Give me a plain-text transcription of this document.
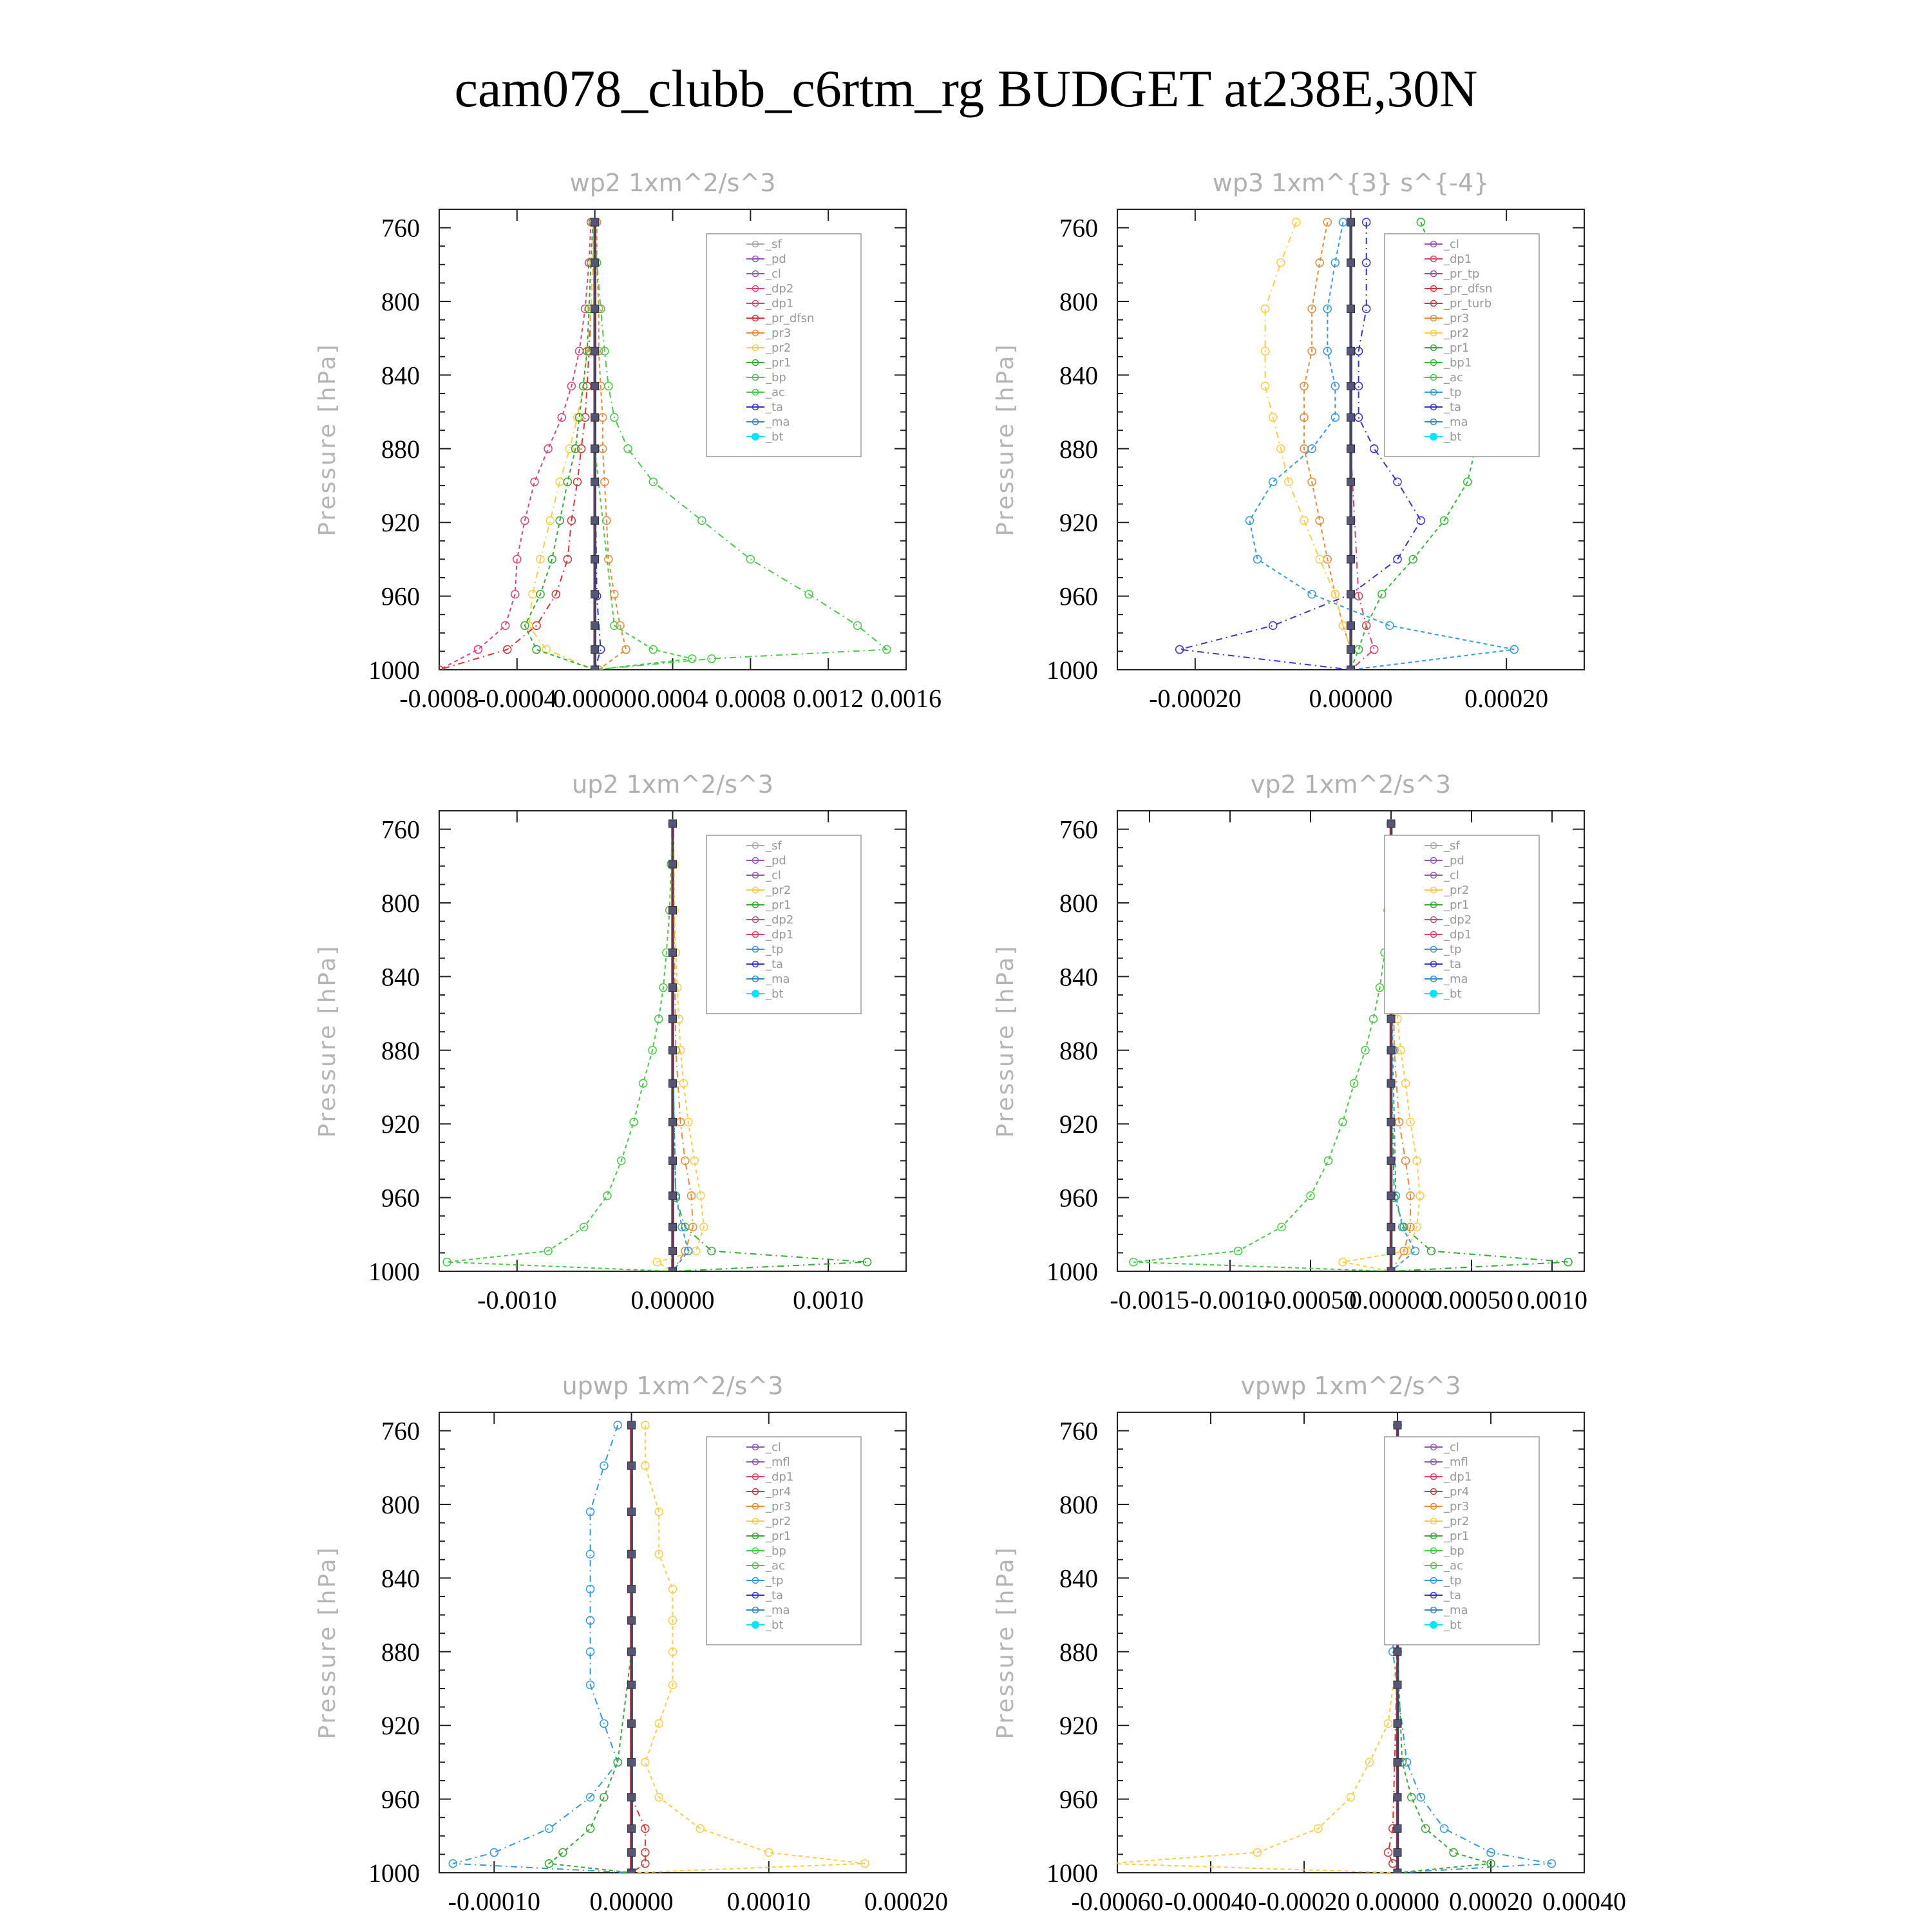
cam078_clubb_c6rtm_rg BUDGET at238E,30N
wp2 1xm^2/s^3
Pressure [hPa]
760
800
840
880
920
960
1000
-0.0008
-0.0004
0.00000 0.0004 0.0008 0.0012 0.0016
_sf
_pd
_cl
_dp2
_dp1
_pr_dfsn
_pr3
_pr2
_pr1
_bp
_ac
_ta
_ma
_bt
wp3 1xm^{3} s^{-4}
Pressure [hPa]
760
800
840
880
920
960
1000
-0.00020	0.00000	0.00020
_cl
_dp1
_pr_tp
_pr_dfsn
_pr_turb
_pr3
_pr2
_pr1
_bp1
_ac
_tp
_ta
_ma
_bt
up2 1xm^2/s^3
Pressure [hPa]
760
800
840
880
920
960
1000
-0.0010	0.00000	0.0010
_sf
_pd
_cl
_pr2
_pr1
_dp2
_dp1
_tp
_ta
_ma
_bt
vp2 1xm^2/s^3
Pressure [hPa]
760
800
840
880
920
960
1000
-0.0015 -0.0010
-0.00050
0.00000
0.00050 0.0010
_sf
_pd
_cl
_pr2
_pr1
_dp2
_dp1
_tp
_ta
_ma
_bt
upwp 1xm^2/s^3
Pressure [hPa]
760
800
840
880
920
960
1000
-0.00010 0.00000 0.00010 0.00020
_cl
_mfl
_dp1
_pr4
_pr3
_pr2
_pr1
_bp
_ac
_tp
_ta
_ma
_bt
vpwp 1xm^2/s^3
Pressure [hPa]
760
800
840
880
920
960
1000
-0.00060 -0.00040 -0.00020 0.00000 0.00020 0.00040
_cl
_mfl
_dp1
_pr4
_pr3
_pr2
_pr1
_bp
_ac
_tp
_ta
_ma
_bt
